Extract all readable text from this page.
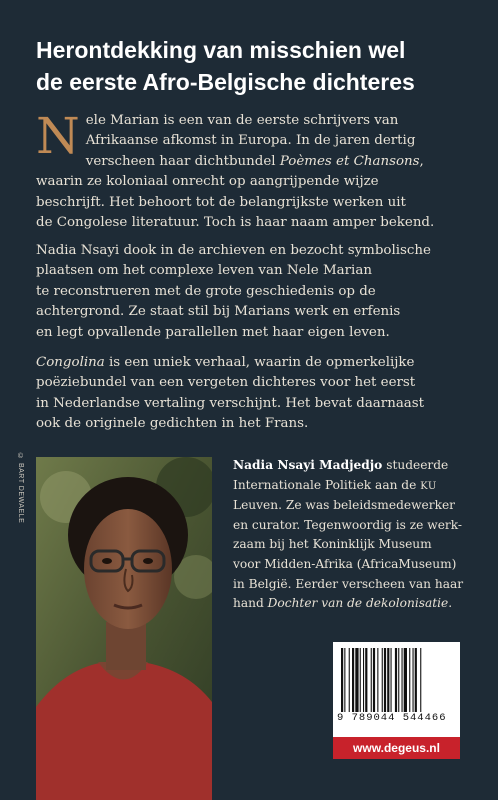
Herontdekking van misschien wel
de eerste Afro-Belgische dichteres

N ele Marian is een van de eerste schrijvers van
Afrikaanse afkomst in Europa. In de jaren dertig
verscheen haar dichtbundel Poèmes et Chansons,
waarin ze koloniaal onrecht op aangrijpende wijze
beschrijft. Het behoort tot de belangrijkste werken uit
de Congolese literatuur. Toch is haar naam amper bekend.

Nadia Nsayi dook in de archieven en bezocht symbolische
plaatsen om het complexe leven van Nele Marian
te reconstrueren met de grote geschiedenis op de
achtergrond. Ze staat stil bij Marians werk en erfenis
en legt opvallende parallellen met haar eigen leven.

Congolina is een uniek verhaal, waarin de opmerkelijke
poëziebundel van een vergeten dichteres voor het eerst
in Nederlandse vertaling verschijnt. Het bevat daarnaast
ook de originele gedichten in het Frans.

© BART DEWAELE	Nadia Nsayi Madjedjo studeerde
Internationale Politiek aan de KU
Leuven. Ze was beleidsmedewerker
en curator. Tegenwoordig is ze werk-
zaam bij het Koninklijk Museum
voor Midden-Afrika (AfricaMuseum)
in België. Eerder verscheen van haar
hand Dochter van de dekolonisatie.
9 789044 544466
www.degeus.nl
